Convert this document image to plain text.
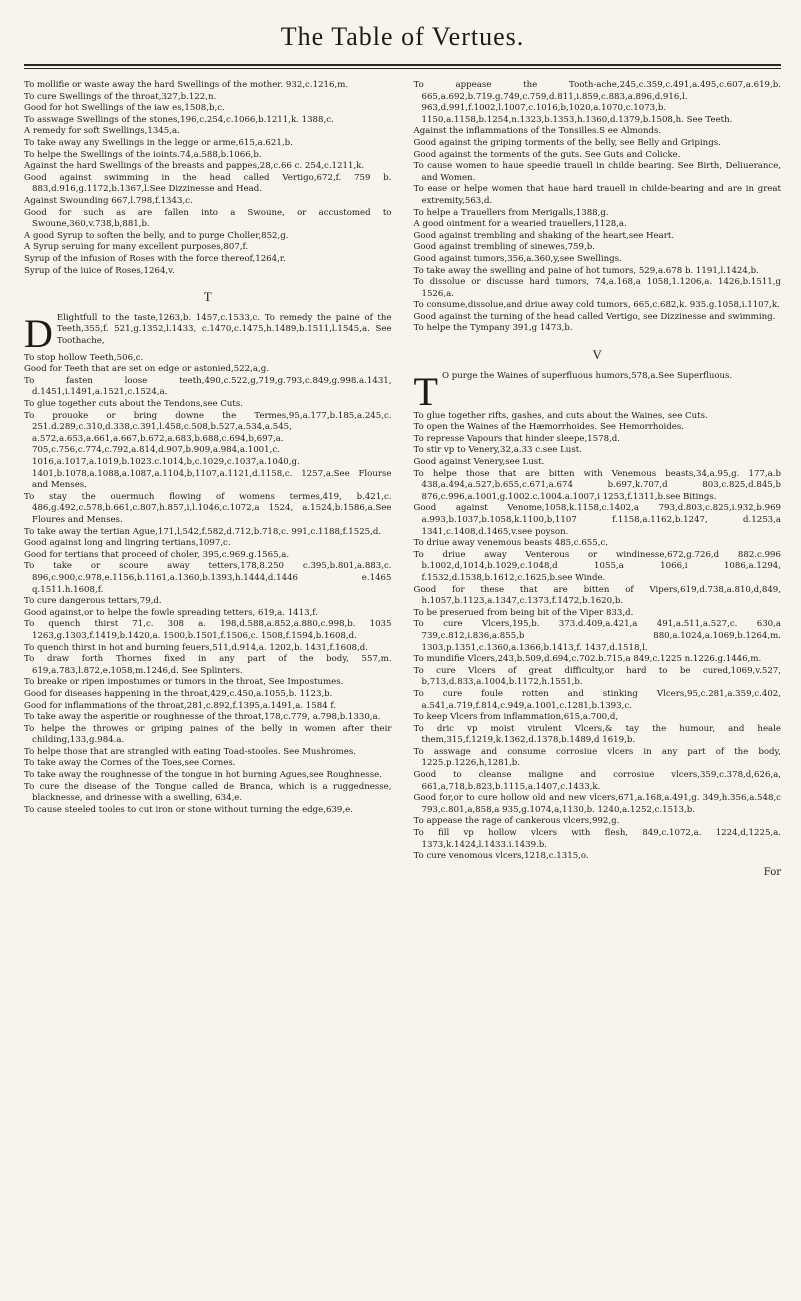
The Table of Vertues.
To mollifie or waste away the hard Swellings of the mother. 932,c.1216,m.
To cure Swellings of the throat,327,b.122,n.
Good for hot Swellings of the iaw es,1508,b,c.
To asswage Swellings of the stones,196,c.254,c.1066,b.1211,k. 1388,c.
A remedy for soft Swellings,1345,a.
To take away any Swellings in the legge or arme,615,a.621,b.
To helpe the Swellings of the ioints.74,a.588,b.1066,b.
Against the hard Swellings of the breasts and pappes,28,c.66 c. 254,c.1211,k.
Good against swimming in the head called Vertigo,672,f. 759 b. 883,d.916,g.1172,b.1367,l.See Dizzinesse and Head.
Against Swounding 667,l.798,f.1343,c.
Good for such as are fallen into a Swoune, or accustomed to Swoune,360,v.738,b,881,b.
A good Syrup to soften the belly, and to purge Choller,852,g.
A Syrup seruing for many excellent purposes,807,f.
Syrup of the infusion of Roses with the force thereof,1264,r.
Syrup of the iuice of Roses,1264,v.
T
D Elightfull to the taste,1263,b. 1457,c.1533,c. To remedy the paine of the Teeth,355,f. 521,g.1352,l.1433, c.1470,c.1475,h.1489,b.1511,l.1545,a. See Toothache,
To stop hollow Teeth,506,c.
Good for Teeth that are set on edge or astonied,522,a,g.
To fasten loose teeth,490,c.522,g,719,g.793,c.849,g.998.a.1431, d.1451,i.1491,a.1521,c.1524,a.
To glue together cuts about the Tendons,see Cuts.
To prouoke or bring downe the Termes,95,a.177,b.185,a.245,c. 251.d.289,c.310,d.338,c.391,l.458,c.508,b.527,a.534,a.545, a.572,a.653,a.661,a.667,b.672,a.683,b.688,c.694,b,697,a. 705,c.756,c.774,c.792,a.814,d.907,b.909,a.984,a.1001,c. 1016,a.1017,a.1019,b.1023.c.1014,b,c.1029,c.1037,a.1040,g. 1401,b.1078,a.1088,a.1087,a.1104,b,1107,a.1121,d.1158,c. 1257,a.See Flourse and Menses.
To stay the ouermuch flowing of womens termes,419, b.421,c. 486,g.492,c.578,b.661,c.807,h.857,i,l.1046,c.1072,a 1524, a.1524,b.1586,a.See Floures and Menses.
To take away the tertian Ague,171,l,542,f.582,d.712,b.718,c. 991,c.1188,f.1525,d.
Good against long and lingring tertians,1097,c.
Good for tertians that proceed of choler, 395,c.969.g.1565,a.
To take or scoure away tetters,178,8.250 c.395,b.801,a.883,c. 896,c.900,c.978,e.1156,b.1161,a.1360,b.1393,h.1444,d.1446 e.1465 q.1511.h.1608,f.
To cure dangerous tettars,79,d.
Good against,or to helpe the fowle spreading tetters, 619,a. 1413,f.
To quench thirst 71,c. 308 a. 198,d.588,a.852,a.880,c.998,b. 1035 1263,g.1303,f.1419,b.1420,a. 1500,b.1501,f.1506,c. 1508,f.1594,b.1608,d.
To quench thirst in hot and burning feuers,511,d.914,a. 1202,b. 1431,f.1608,d.
To draw forth Thornes fixed in any part of the body, 557,m. 619,a.783,l.872,e.1058,m.1246,d. See Splinters.
To breake or ripen impostumes or tumors in the throat, See Impostumes.
Good for diseases happening in the throat,429,c.450,a.1055,b. 1123,b.
Good for inflammations of the throat,281,c.892,f.1395,a.1491,a. 1584 f.
To take away the asperitie or roughnesse of the throat,178,c.779, a.798,b.1330,a.
To helpe the throwes or griping paines of the belly in women after their childing,133,g.984.a.
To helpe those that are strangled with eating Toad-stooles. See Mushromes.
To take away the Cornes of the Toes,see Cornes.
To take away the roughnesse of the tongue in hot burning Agues,see Roughnesse.
To cure the disease of the Tongue called de Branca, which is a ruggednesse, blacknesse, and drinesse with a swelling, 634,e.
To cause steeled tooles to cut iron or stone without turning the edge,639,e.
To appease the Tooth-ache,245,c.359,c.491,a.495,c.607,a.619,b. 665,a.692,b.719.g.749,c.759,d.811,i.859,c.883,a.896,d.916,l. 963,d.991,f.1002,l.1007,c.1016,b,1020,a.1070,c.1073,b. 1150,a.1158,b.1254,n.1323,b.1353,h.1360,d.1379,b.1508,h. See Teeth.
Against the inflammations of the Tonsilles.S ee Almonds.
Good against the griping torments of the belly, see Belly and Gripings.
Good against the torments of the guts. See Guts and Colicke.
To cause women to haue speedie trauell in childe bearing. See Birth, Deliuerance, and Women.
To ease or helpe women that haue hard trauell in childe-bearing and are in great extremity,563,d.
To helpe a Trauellers from Merigalls,1388,g.
A good ointment for a wearied trauellers,1128,a.
Good against trembling and shaking of the heart,see Heart.
Good against trembling of sinewes,759,b.
Good against tumors,356,a.360,y,see Swellings.
To take away the swelling and paine of hot tumors, 529,a.678 b. 1191,l.1424,b.
To dissolue or discusse hard tumors, 74,a.168,a 1058,1.1206,a. 1426,b.1511,g 1526,a.
To consume,dissolue,and driue away cold tumors, 665,c.682,k. 935.g.1058,i.1107,k.
Good against the turning of the head called Vertigo, see Dizzinesse and swimming.
To helpe the Tympany 391,g 1473,b.
V
T O purge the Waines of superfluous humors,578,a.See Superfluous.
To glue together rifts, gashes, and cuts about the Waines, see Cuts.
To open the Waines of the Hæmorrhoides. See Hemorrhoides.
To represse Vapours that hinder sleepe,1578,d.
To stir vp to Venery,32,a.33 c.see Lust.
Good against Venery,see Lust.
To helpe those that are bitten with Venemous beasts,34,a.95,g. 177,a.b 438,a.494,a.527,b.655,c.671,a.674 b.697,k.707,d 803,c.825,d.845,b 876,c.996,a.1001,g.1002.c.1004.a.1007,i 1253,f.1311,b.see Bitings.
Good against Venome,1058,k.1158,c.1402,a 793,d.803,c.825,i.932,b.969 a.993,b.1037,b.1058,k.1100,b,1107 f.1158,a.1162,b.1247, d.1253,a 1341,c.1408,d.1465,v.see poyson.
To driue away venemous beasts 485,c.655,c.
To driue away Venterous or windinesse,672,g.726,d 882.c.996 b.1002,d,1014,b.1029,c.1048,d 1055,a 1066,i 1086,a.1294, f.1532,d.1538,b.1612,c.1625,b.see Winde.
Good for these that are bitten of Vipers,619,d.738,a.810,d,849, h.1057,b.1123,a.1347,c.1373,f.1472,b.1620,b.
To be preserued from being bit of the Viper 833,d.
To cure Vlcers,195,b. 373.d.409,a.421,a 491,a.511,a.527,c. 630,a 739,c.812,i.836,a.855,b 880,a.1024,a.1069,b.1264,m. 1303,p.1351,c.1360,a.1366,b.1413,f. 1437,d.1518,l.
To mundifie Vlcers,243,b.509,d.694,c.702.b.715,a 849,c.1225 n.1226.g.1446,m.
To cure Vlcers of great difficulty,or hard to be cured,1069,v.527, b,713,d.833,a.1004,b.1172,h.1551,b.
To cure foule rotten and stinking Vlcers,95,c.281,a.359,c.402, a.541,a.719,f.814,c.949,a.1001,c.1281,b.1393,c.
To keep Vlcers from inflammation,615,a.700,d,
To dric vp moist virulent Vlcers,& tay the humour, and heale them,315,f.1219,k.1362,d.1378,b.1489,d 1619,b.
To asswage and consume corrosiue vlcers in any part of the body, 1225.p.1226,h,1281,b.
Good to cleanse maligne and corrosiue vlcers,359,c.378,d,626,a, 661,a,718,b.823,b.1115,a.1407,c.1433,k.
Good for,or to cure hollow old and new vlcers,671,a.168,a.491,g. 349,h.356,a.548,c 793,c.801,a,858,a 935,g.1074,a,1130,b. 1240,a.1252,c.1513,b.
To appease the rage of cankerous vlcers,992,g.
To fill vp hollow vlcers with flesh, 849,c.1072,a. 1224,d,1225,a. 1373,k.1424,l.1433.i.1439.b.
To cure venomous vlcers,1218,c.1315,o.
For
